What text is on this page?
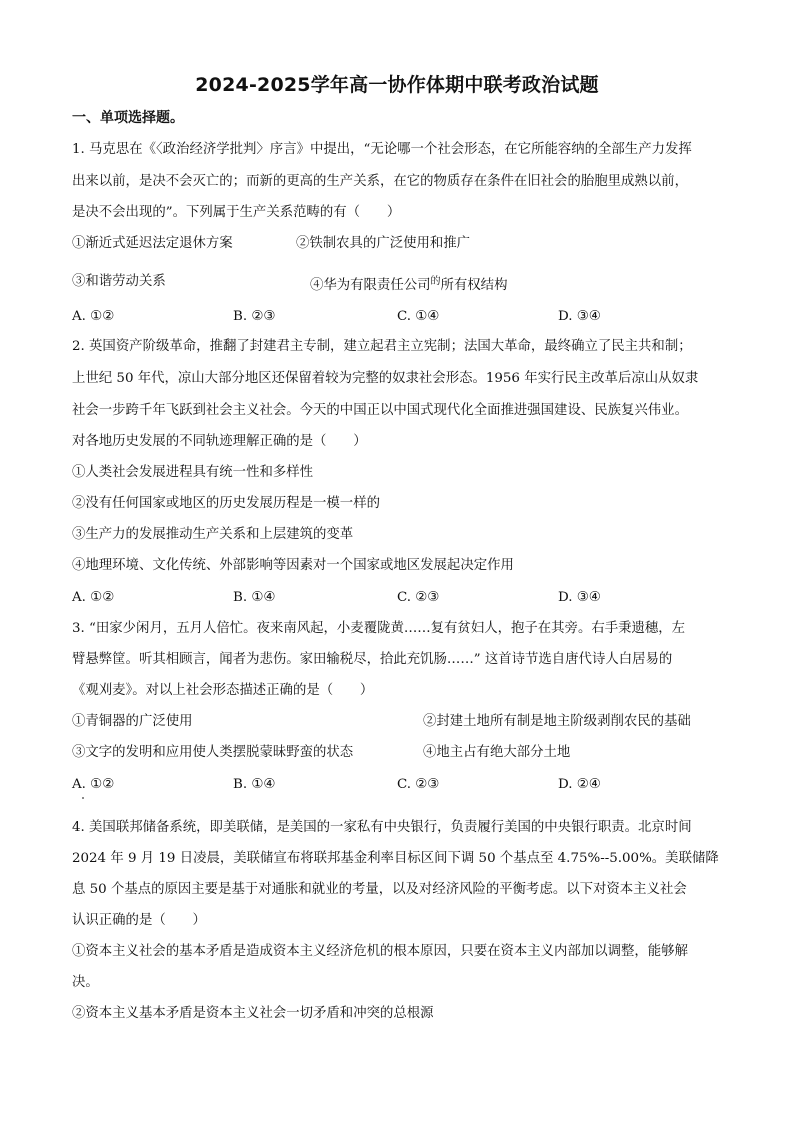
2024-2025学年高一协作体期中联考政治试题
一、单项选择题。
1. 马克思在《〈政治经济学批判〉序言》中提出，“无论哪一个社会形态，在它所能容纳的全部生产力发挥
出来以前，是决不会灭亡的；而新的更高的生产关系，在它的物质存在条件在旧社会的胎胞里成熟以前，
是决不会出现的”。下列属于生产关系范畴的有（　　）
①渐近式延迟法定退休方案	②铁制农具的广泛使用和推广
③和谐劳动关系	④华为有限责任公司$^的$所有权结构
A. ①②	B. ②③	C. ①④	D. ③④
2. 英国资产阶级革命，推翻了封建君主专制，建立起君主立宪制；法国大革命，最终确立了民主共和制；
上世纪 50 年代，凉山大部分地区还保留着较为完整的奴隶社会形态。1956 年实行民主改革后凉山从奴隶
社会一步跨千年飞跃到社会主义社会。今天的中国正以中国式现代化全面推进强国建设、民族复兴伟业。
对各地历史发展的不同轨迹理解正确的是（　　）
①人类社会发展进程具有统一性和多样性
②没有任何国家或地区的历史发展历程是一模一样的
③生产力的发展推动生产关系和上层建筑的变革
④地理环境、文化传统、外部影响等因素对一个国家或地区发展起决定作用
A. ①②	B. ①④	C. ②③	D. ③④
3. “田家少闲月，五月人倍忙。夜来南风起，小麦覆陇黄……复有贫妇人，抱子在其旁。右手秉遗穗，左
臂悬弊筐。听其相顾言，闻者为悲伤。家田输税尽，拾此充饥肠……” 这首诗节选自唐代诗人白居易的
《观刈麦》。对以上社会形态描述正确的是（　　）
①青铜器的广泛使用	②封建土地所有制是地主阶级剥削农民的基础
③文字的发明和应用使人类摆脱蒙昧野蛮的状态	④地主占有绝大部分土地
A. ①②	B. ①④	C. ②③	D. ②④
4. 美国联邦储备系统，即美联储，是美国的一家私有中央银行，负责履行美国的中央银行职责。北京时间
2024 年 9 月 19 日凌晨，美联储宣布将联邦基金利率目标区间下调 50 个基点至 4.75%--5.00%。美联储降
息 50 个基点的原因主要是基于对通胀和就业的考量，以及对经济风险的平衡考虑。以下对资本主义社会
认识正确的是（　　）
①资本主义社会的基本矛盾是造成资本主义经济危机的根本原因，只要在资本主义内部加以调整，能够解
决。
②资本主义基本矛盾是资本主义社会一切矛盾和冲突的总根源
